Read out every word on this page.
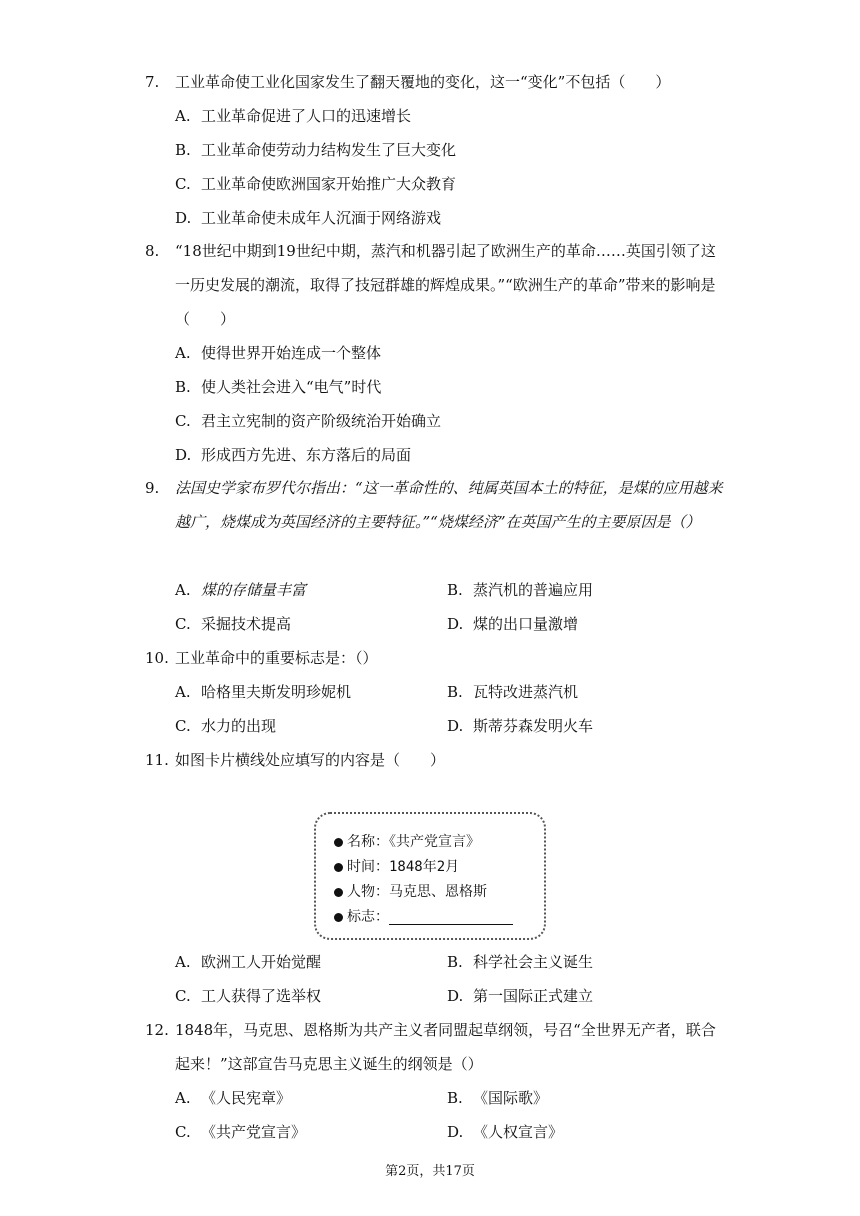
7.	工业革命使工业化国家发生了翻天覆地的变化，这一“变化”不包括（　　）
A. 工业革命促进了人口的迅速增长
B. 工业革命使劳动力结构发生了巨大变化
C. 工业革命使欧洲国家开始推广大众教育
D. 工业革命使未成年人沉湎于网络游戏
8.	“18世纪中期到19世纪中期，蒸汽和机器引起了欧洲生产的革命……英国引领了这一历史发展的潮流，取得了技冠群雄的辉煌成果。”“欧洲生产的革命”带来的影响是（　　）
A. 使得世界开始连成一个整体
B. 使人类社会进入“电气”时代
C. 君主立宪制的资产阶级统治开始确立
D. 形成西方先进、东方落后的局面
9.	法国史学家布罗代尔指出：“这一革命性的、纯属英国本土的特征，是煤的应用越来越广，烧煤成为英国经济的主要特征。”“烧煤经济”在英国产生的主要原因是（）
A. 煤的存储量丰富	B. 蒸汽机的普遍应用
C. 采掘技术提高	D. 煤的出口量激增
10. 工业革命中的重要标志是：（）
A. 哈格里夫斯发明珍妮机	B. 瓦特改进蒸汽机
C. 水力的出现	D. 斯蒂芬森发明火车
11. 如图卡片横线处应填写的内容是（　　）
名称：《共产党宣言》
时间：1848年2月
人物：马克思、恩格斯
标志：
A. 欧洲工人开始觉醒	B. 科学社会主义诞生
C. 工人获得了选举权	D. 第一国际正式建立
12. 1848年，马克思、恩格斯为共产主义者同盟起草纲领，号召“全世界无产者，联合起来！”这部宣告马克思主义诞生的纲领是（）
A. 《人民宪章》	B. 《国际歌》
C. 《共产党宣言》	D. 《人权宣言》
第2页，共17页
